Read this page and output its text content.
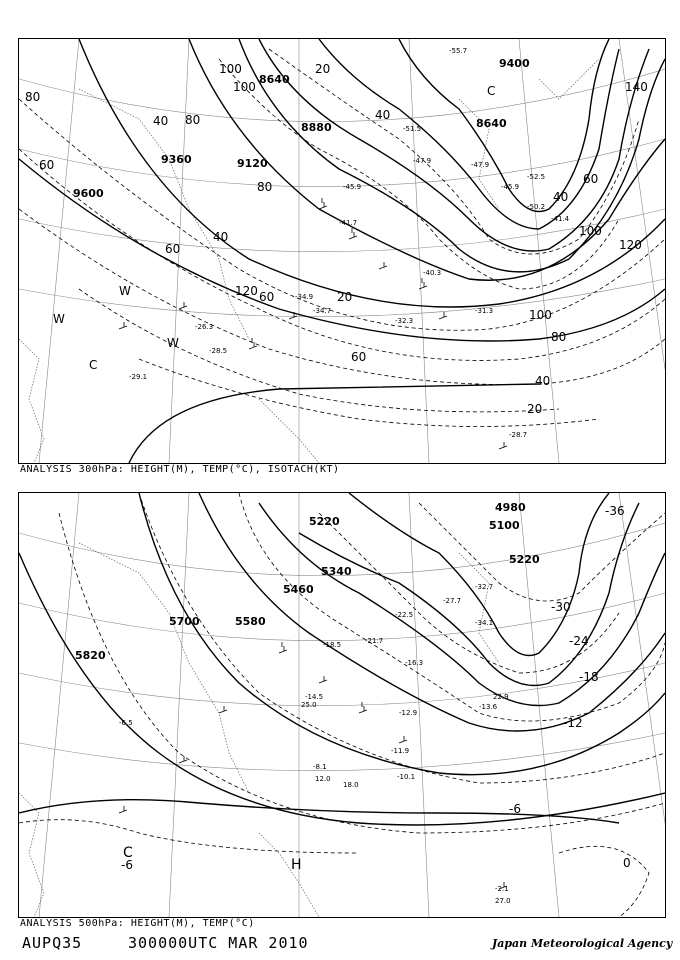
8640
8880
9120
9360
9600
9400
8640
20
40
60
80
100
120
140
80
60
40
20
100
120
80
60
40
60
100
40
20
40
60
80
100
-55.7
-51.5
-47.9
-45.9
-41.7
-40.3
-34.9
-34.7
-32.3
-28.5
-28.7
-29.1
-26.3
-47.9
-45.9
-52.5
-50.2
-41.4
-31.3
W
W
W
C
C
ANALYSIS 300hPa: HEIGHT(M), TEMP(°C), ISOTACH(KT)
4980
5100
5220
5220
5340
5460
5580
5700
5820
-36
-30
-24
-18
-12
-6
0
-6
-32.7
-27.7
-34.1
-22.5
-21.7
-18.5
-16.3
-14.5
-11.9
-10.1
-12.9
-13.6
-8.1
-6.5
-2.1
27.0
22.9
12.0
18.0
25.0
C
H
ANALYSIS 500hPa: HEIGHT(M), TEMP(°C)
AUPQ35	300000UTC MAR 2010	Japan Meteorological Agency
